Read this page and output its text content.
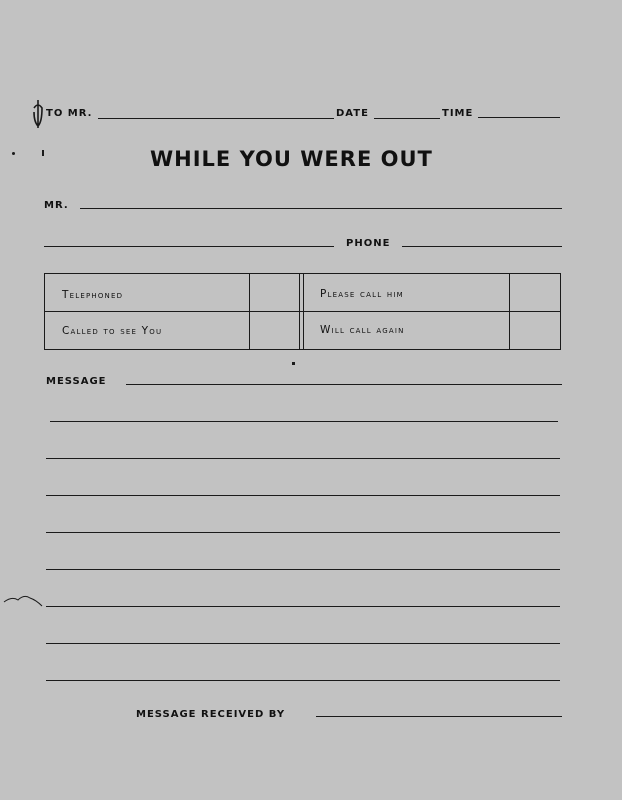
TO MR.	DATE	TIME
WHILE YOU WERE OUT
MR.
PHONE
Telephoned
Called to see You
Please call him
Will call again
MESSAGE
MESSAGE RECEIVED BY
